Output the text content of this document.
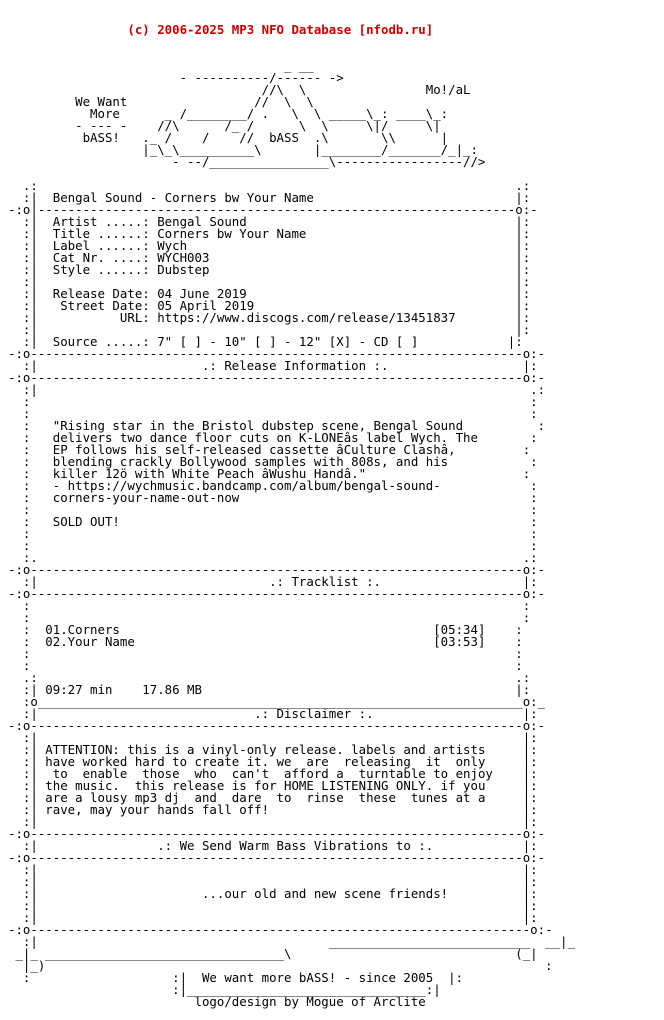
(c) 2006-2025 MP3 NFO Database [nfodb.ru]

_ __
- ----------/------ ->
//\  \                Mo!/aL
We Want                 //  \  \
More      _ /________/ .   \  \ _____\_: ____\_:
- --- -    //\      /_ /      \  \     \|/     \|
bASS!   ._ /    /    //  bASS  .\       \\      |
|_\_\__________\       |________/_______/_|_:
- --/________________\-----------------//>
.:                                                                .:
:|  Bengal Sound - Corners bw Your Name                           |:
-:o|----------------------------------------------------------------o:-
:|  Artist .....: Bengal Sound                                    |:
:|  Title ......: Corners bw Your Name                            |:
:|  Label ......: Wych                                            |:
:|  Cat Nr. ....: WYCH003                                         |:
:|  Style ......: Dubstep                                         |:
:|                                                                |:
:|  Release Date: 04 June 2019                                    |:
:|   Street Date: 05 April 2019                                   |:
:|           URL: https://www.discogs.com/release/13451837        |:
:|                                                                |:
:|  Source .....: 7" [ ] - 10" [ ] - 12" [X] - CD [ ]            |:
-:o------------------------------------------------------------------o:-
:|                      .: Release Information :.                  |:
-:o------------------------------------------------------------------o:-
:|                                                                  .:
:                                                                   :
:                                                                   :
:   "Rising star in the Bristol dubstep scene, Bengal Sound          :
:   delivers two dance floor cuts on K-LONEâs label Wych. The       :
:   EP follows his self-released cassette âCulture Clashâ,         :
:   blending crackly Bollywood samples with 808s, and his           :
:   killer 12ö with White Peach âWushu Handâ."                     :
:   - https://wychmusic.bandcamp.com/album/bengal-sound-            :
:   corners-your-name-out-now                                       :
:                                                                   :
:   SOLD OUT!                                                       :
:                                                                   :
:                                                                   :
:.                                                                 .:
-:o------------------------------------------------------------------o:-
:|                               .: Tracklist :.                   |:
-:o------------------------------------------------------------------o:-
:                                                                  :
:                                                                  :
:  01.Corners                                          [05:34]    :
:  02.Your Name                                        [03:53]    :
:                                                                 :
:                                                                 :
.:                                                                .:
:| 09:27 min    17.86 MB                                          |:
:o_________________________________________________________________o:_
:|                             .: Disclaimer :.                    |:
-:o------------------------------------------------------------------o:-
:|                                                                 |:
:| ATTENTION: this is a vinyl-only release. labels and artists     |:
:| have worked hard to create it. we  are  releasing  it  only     |:
:|  to  enable  those  who  can't  afford a  turntable to enjoy    |:
:| the music.  this release is for HOME LISTENING ONLY. if you     |:
:| are a lousy mp3 dj  and  dare  to  rinse  these  tunes at a     |:
:| rave, may your hands fall off!                                  |:
:|                                                                 |:
-:o------------------------------------------------------------------o:-
:|                .: We Send Warm Bass Vibrations to :.            |:
-:o------------------------------------------------------------------o:-
:|                                                                 |:
:|                                                                 |:
:|                      ...our old and new scene friends!          |:
:|                                                                 |:
:|                                                                 |:
-:o-------------------------------------------------------------------o:-
:|                                       ___________________________  __|_
_|_ ________________________________\                              (_|
|_)                                                                   :
:                   :|  We want more bASS! - since 2005  |:
:|________________________________:|
logo/design by Mogue of Arclite
